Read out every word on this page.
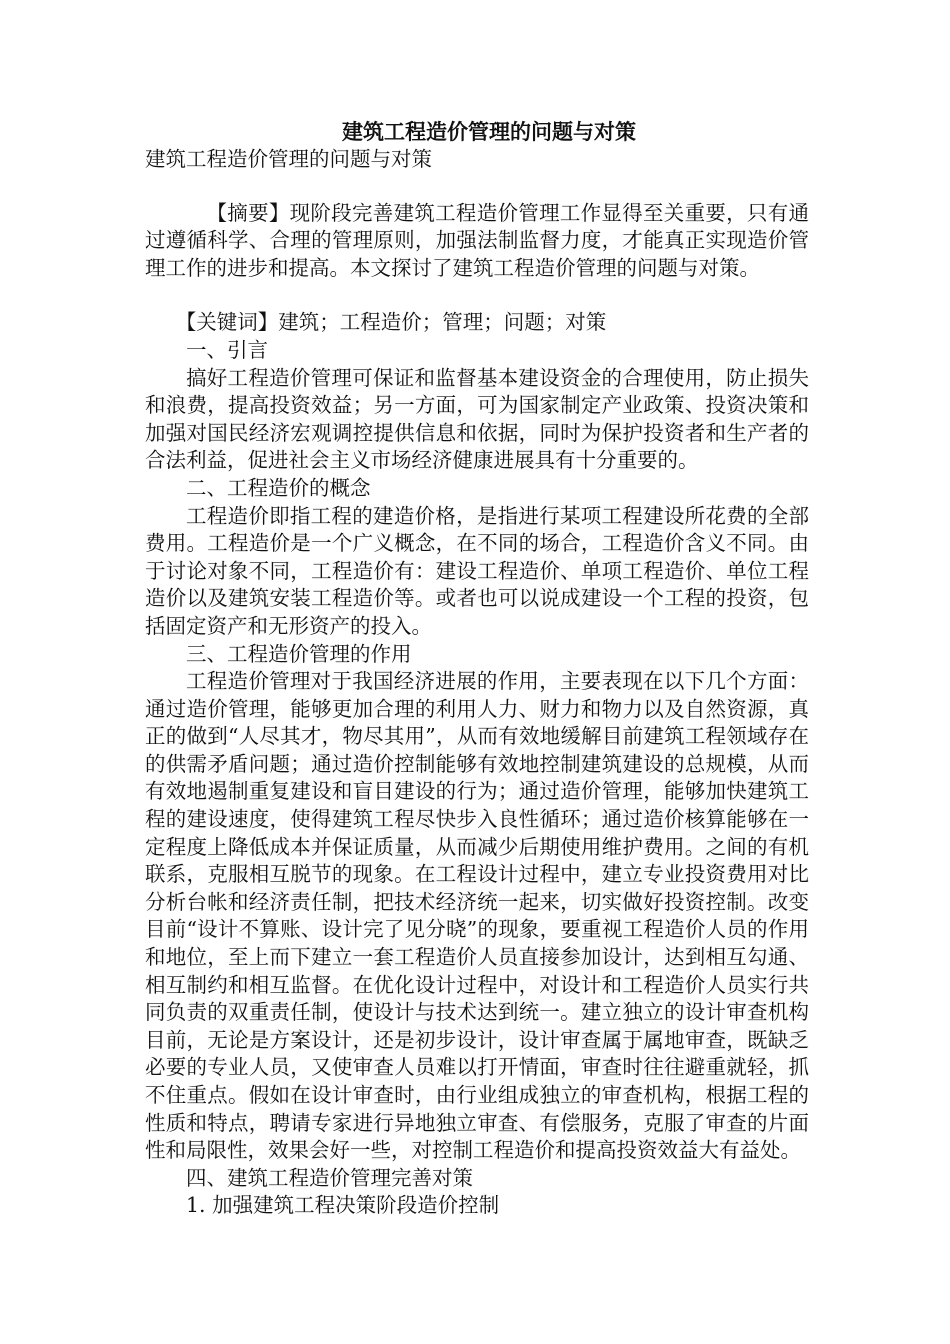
建筑工程造价管理的问题与对策
建筑工程造价管理的问题与对策

【摘要】现阶段完善建筑工程造价管理工作显得至关重要，只有通过遵循科学、合理的管理原则，加强法制监督力度，才能真正实现造价管理工作的进步和提高。本文探讨了建筑工程造价管理的问题与对策。

【关键词】建筑；工程造价；管理；问题；对策

一、引言

搞好工程造价管理可保证和监督基本建设资金的合理使用，防止损失和浪费，提高投资效益；另一方面，可为国家制定产业政策、投资决策和加强对国民经济宏观调控提供信息和依据，同时为保护投资者和生产者的合法利益，促进社会主义市场经济健康进展具有十分重要的。

二、工程造价的概念

工程造价即指工程的建造价格，是指进行某项工程建设所花费的全部费用。工程造价是一个广义概念，在不同的场合，工程造价含义不同。由于讨论对象不同，工程造价有：建设工程造价、单项工程造价、单位工程造价以及建筑安装工程造价等。或者也可以说成建设一个工程的投资，包括固定资产和无形资产的投入。

三、工程造价管理的作用

工程造价管理对于我国经济进展的作用，主要表现在以下几个方面：通过造价管理，能够更加合理的利用人力、财力和物力以及自然资源，真正的做到“人尽其才，物尽其用”，从而有效地缓解目前建筑工程领域存在的供需矛盾问题；通过造价控制能够有效地控制建筑建设的总规模，从而有效地遏制重复建设和盲目建设的行为；通过造价管理，能够加快建筑工程的建设速度，使得建筑工程尽快步入良性循环；通过造价核算能够在一定程度上降低成本并保证质量，从而减少后期使用维护费用。之间的有机联系，克服相互脱节的现象。在工程设计过程中，建立专业投资费用对比分析台帐和经济责任制，把技术经济统一起来，切实做好投资控制。改变目前“设计不算账、设计完了见分晓”的现象，要重视工程造价人员的作用和地位，至上而下建立一套工程造价人员直接参加设计，达到相互勾通、相互制约和相互监督。在优化设计过程中，对设计和工程造价人员实行共同负责的双重责任制，使设计与技术达到统一。建立独立的设计审查机构目前，无论是方案设计，还是初步设计，设计审查属于属地审查，既缺乏必要的专业人员，又使审查人员难以打开情面，审查时往往避重就轻，抓不住重点。假如在设计审查时，由行业组成独立的审查机构，根据工程的性质和特点，聘请专家进行异地独立审查、有偿服务，克服了审查的片面性和局限性，效果会好一些，对控制工程造价和提高投资效益大有益处。

四、建筑工程造价管理完善对策
1. 加强建筑工程决策阶段造价控制
